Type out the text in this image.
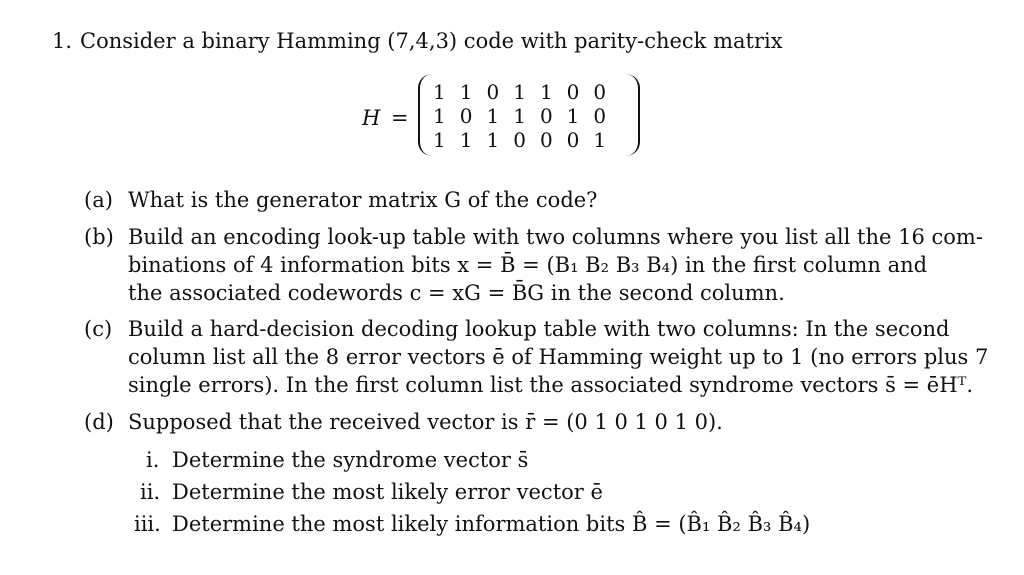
1. Consider a binary Hamming (7,4,3) code with parity-check matrix
H =
1	1	0	1	1	0	0
1	0	1	1	0	1	0
1	1	1	0	0	0	1
(a) What is the generator matrix G of the code?
(b) Build an encoding look-up table with two columns where you list all the 16 com-
binations of 4 information bits x = B̄ = (B₁ B₂ B₃ B₄) in the first column and
the associated codewords c = xG = B̄G in the second column.
(c) Build a hard-decision decoding lookup table with two columns: In the second
column list all the 8 error vectors ē of Hamming weight up to 1 (no errors plus 7
single errors). In the first column list the associated syndrome vectors s̄ = ēHᵀ.
(d) Supposed that the received vector is r̄ = (0 1 0 1 0 1 0).
i. Determine the syndrome vector s̄
ii. Determine the most likely error vector ē
iii. Determine the most likely information bits B̂ = (B̂₁ B̂₂ B̂₃ B̂₄)
